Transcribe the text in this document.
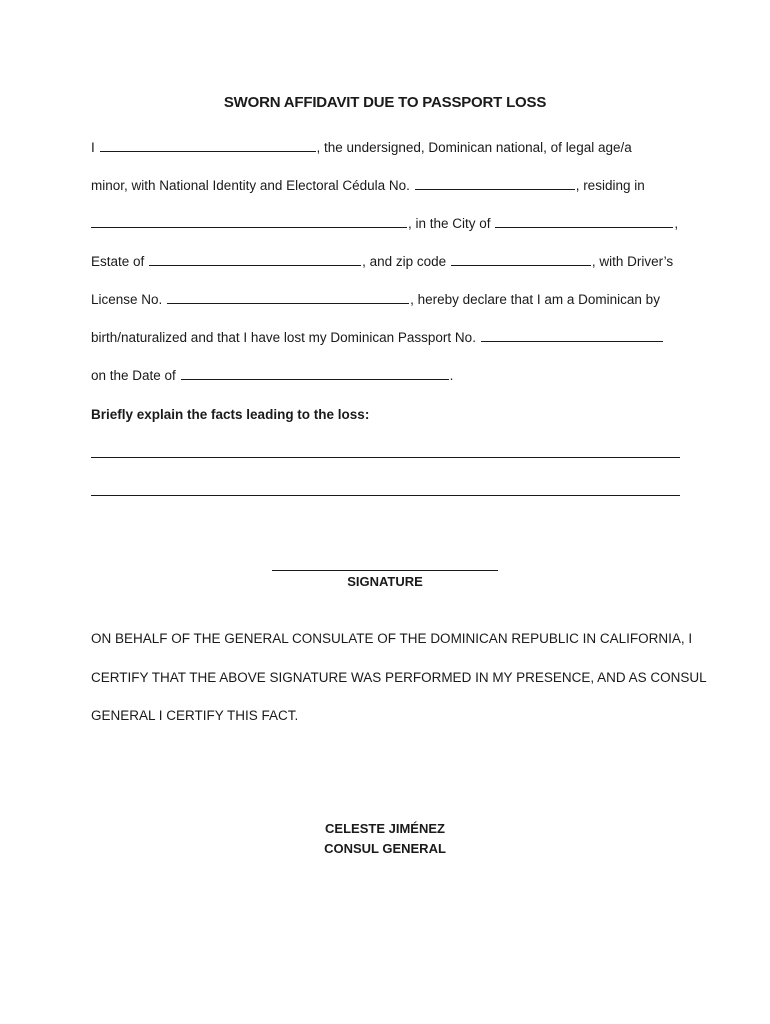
SWORN AFFIDAVIT DUE TO PASSPORT LOSS
I	, the undersigned, Dominican national, of legal age/a
minor, with National Identity and Electoral Cédula No.	, residing in
, in the City of	,
Estate of	, and zip code	, with Driver’s
License No.	, hereby declare that I am a Dominican by
birth/naturalized and that I have lost my Dominican Passport No.
on the Date of	.
Briefly explain the facts leading to the loss:
SIGNATURE
ON BEHALF OF THE GENERAL CONSULATE OF THE DOMINICAN REPUBLIC IN CALIFORNIA, I
CERTIFY THAT THE ABOVE SIGNATURE WAS PERFORMED IN MY PRESENCE, AND AS CONSUL
GENERAL I CERTIFY THIS FACT.
CELESTE JIMÉNEZ
CONSUL GENERAL
